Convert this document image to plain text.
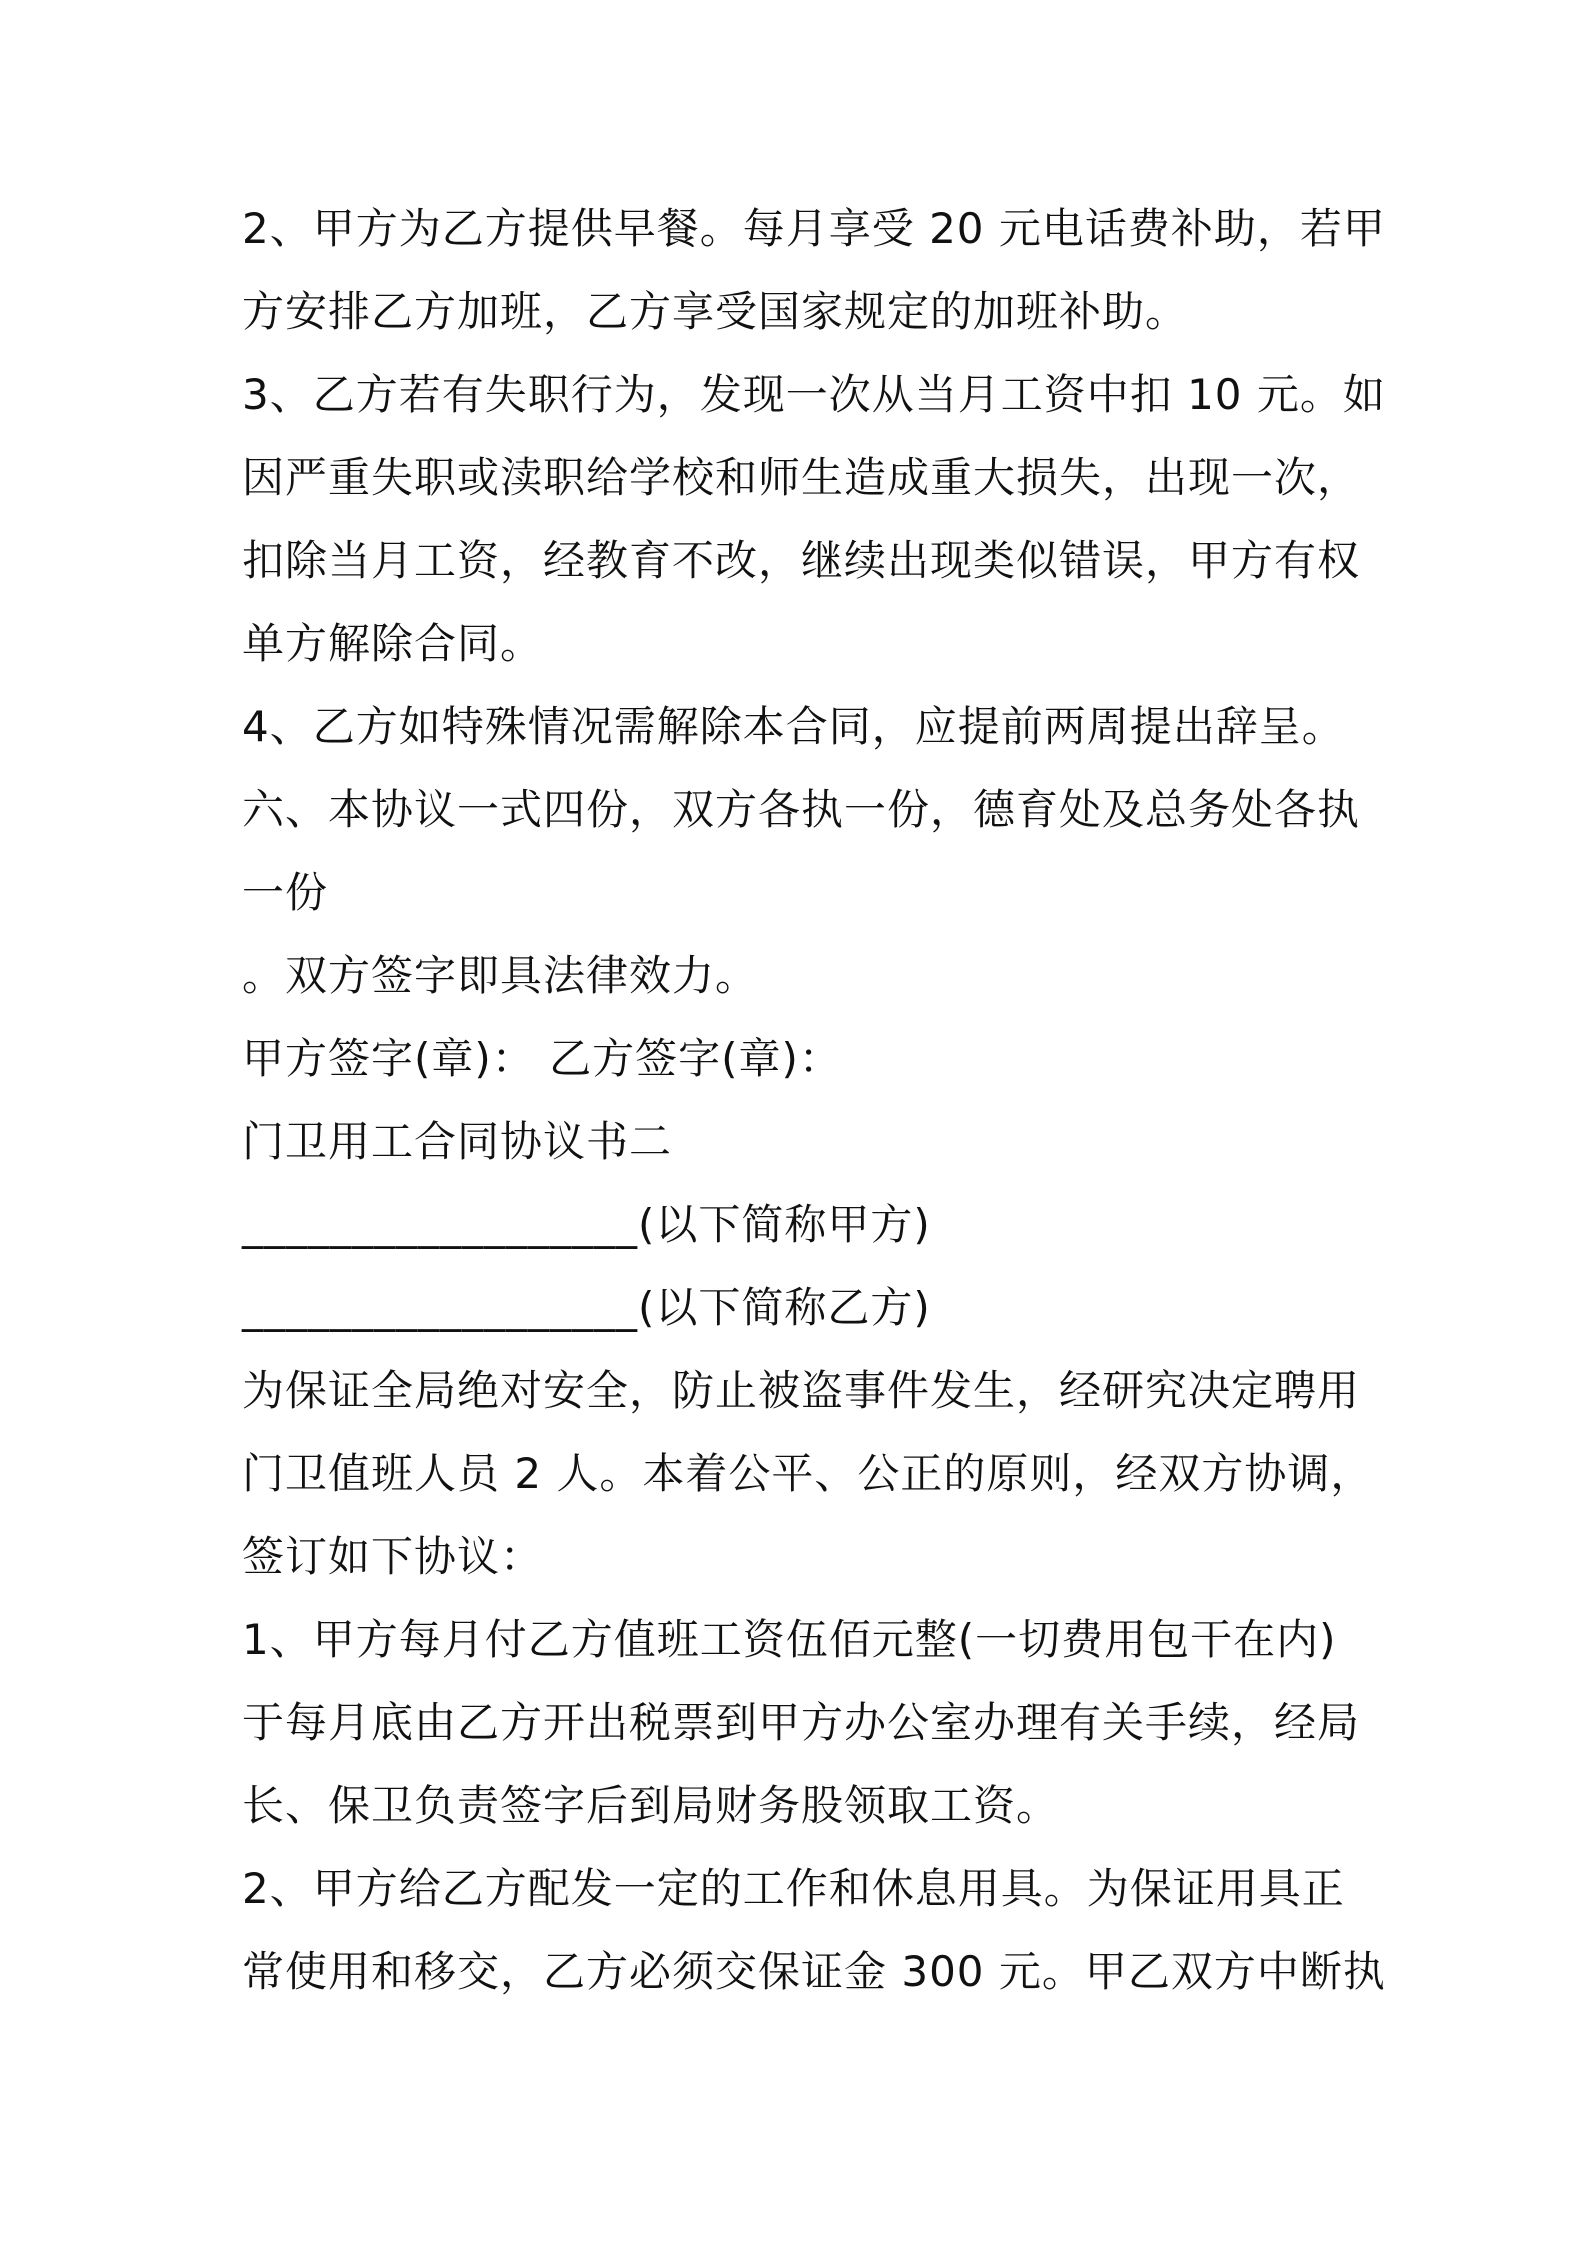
2、甲方为乙方提供早餐。每月享受 20 元电话费补助，若甲
方安排乙方加班，乙方享受国家规定的加班补助。
3、乙方若有失职行为，发现一次从当月工资中扣 10 元。如
因严重失职或渎职给学校和师生造成重大损失，出现一次，
扣除当月工资，经教育不改，继续出现类似错误，甲方有权
单方解除合同。
4、乙方如特殊情况需解除本合同，应提前两周提出辞呈。
六、本协议一式四份，双方各执一份，德育处及总务处各执
一份
。双方签字即具法律效力。
甲方签字(章)： 乙方签字(章)：
门卫用工合同协议书二
__________________(以下简称甲方)
__________________(以下简称乙方)
为保证全局绝对安全，防止被盗事件发生，经研究决定聘用
门卫值班人员 2 人。本着公平、公正的原则，经双方协调，
签订如下协议：
1、甲方每月付乙方值班工资伍佰元整(一切费用包干在内)
于每月底由乙方开出税票到甲方办公室办理有关手续，经局
长、保卫负责签字后到局财务股领取工资。
2、甲方给乙方配发一定的工作和休息用具。为保证用具正
常使用和移交，乙方必须交保证金 300 元。甲乙双方中断执
